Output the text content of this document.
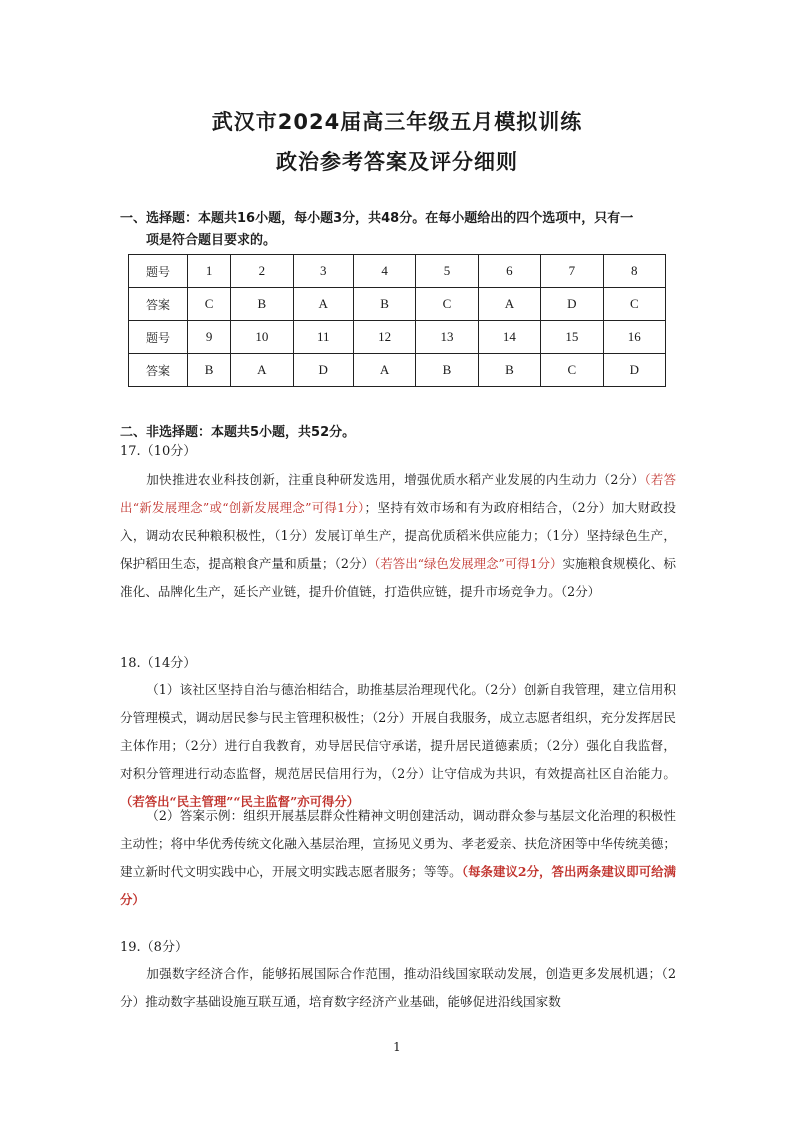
武汉市2024届高三年级五月模拟训练
政治参考答案及评分细则
一、选择题：本题共16小题，每小题3分，共48分。在每小题给出的四个选项中，只有一
项是符合题目要求的。
题号	1	2	3	4	5	6	7	8
答案	C	B	A	B	C	A	D	C
题号	9	10	11	12	13	14	15	16
答案	B	A	D	A	B	B	C	D
二、非选择题：本题共5小题，共52分。
17.（10分）
加快推进农业科技创新，注重良种研发选用，增强优质水稻产业发展的内生动力（2分）（若答出“新发展理念”或“创新发展理念”可得1分）；坚持有效市场和有为政府相结合，（2分）加大财政投入，调动农民种粮积极性，（1分）发展订单生产，提高优质稻米供应能力；（1分）坚持绿色生产，保护稻田生态，提高粮食产量和质量；（2分）（若答出“绿色发展理念”可得1分）实施粮食规模化、标准化、品牌化生产，延长产业链，提升价值链，打造供应链，提升市场竞争力。（2分）
18.（14分）
（1）该社区坚持自治与德治相结合，助推基层治理现代化。（2分）创新自我管理，建立信用积分管理模式，调动居民参与民主管理积极性；（2分）开展自我服务，成立志愿者组织，充分发挥居民主体作用；（2分）进行自我教育，劝导居民信守承诺，提升居民道德素质；（2分）强化自我监督，对积分管理进行动态监督，规范居民信用行为，（2分）让守信成为共识，有效提高社区自治能力。（若答出“民主管理”“民主监督”亦可得分）
（2）答案示例：组织开展基层群众性精神文明创建活动，调动群众参与基层文化治理的积极性主动性；将中华优秀传统文化融入基层治理，宣扬见义勇为、孝老爱亲、扶危济困等中华传统美德；建立新时代文明实践中心，开展文明实践志愿者服务；等等。（每条建议2分，答出两条建议即可给满分）
19.（8分）
加强数字经济合作，能够拓展国际合作范围，推动沿线国家联动发展，创造更多发展机遇；（2分）推动数字基础设施互联互通，培育数字经济产业基础，能够促进沿线国家数
1
